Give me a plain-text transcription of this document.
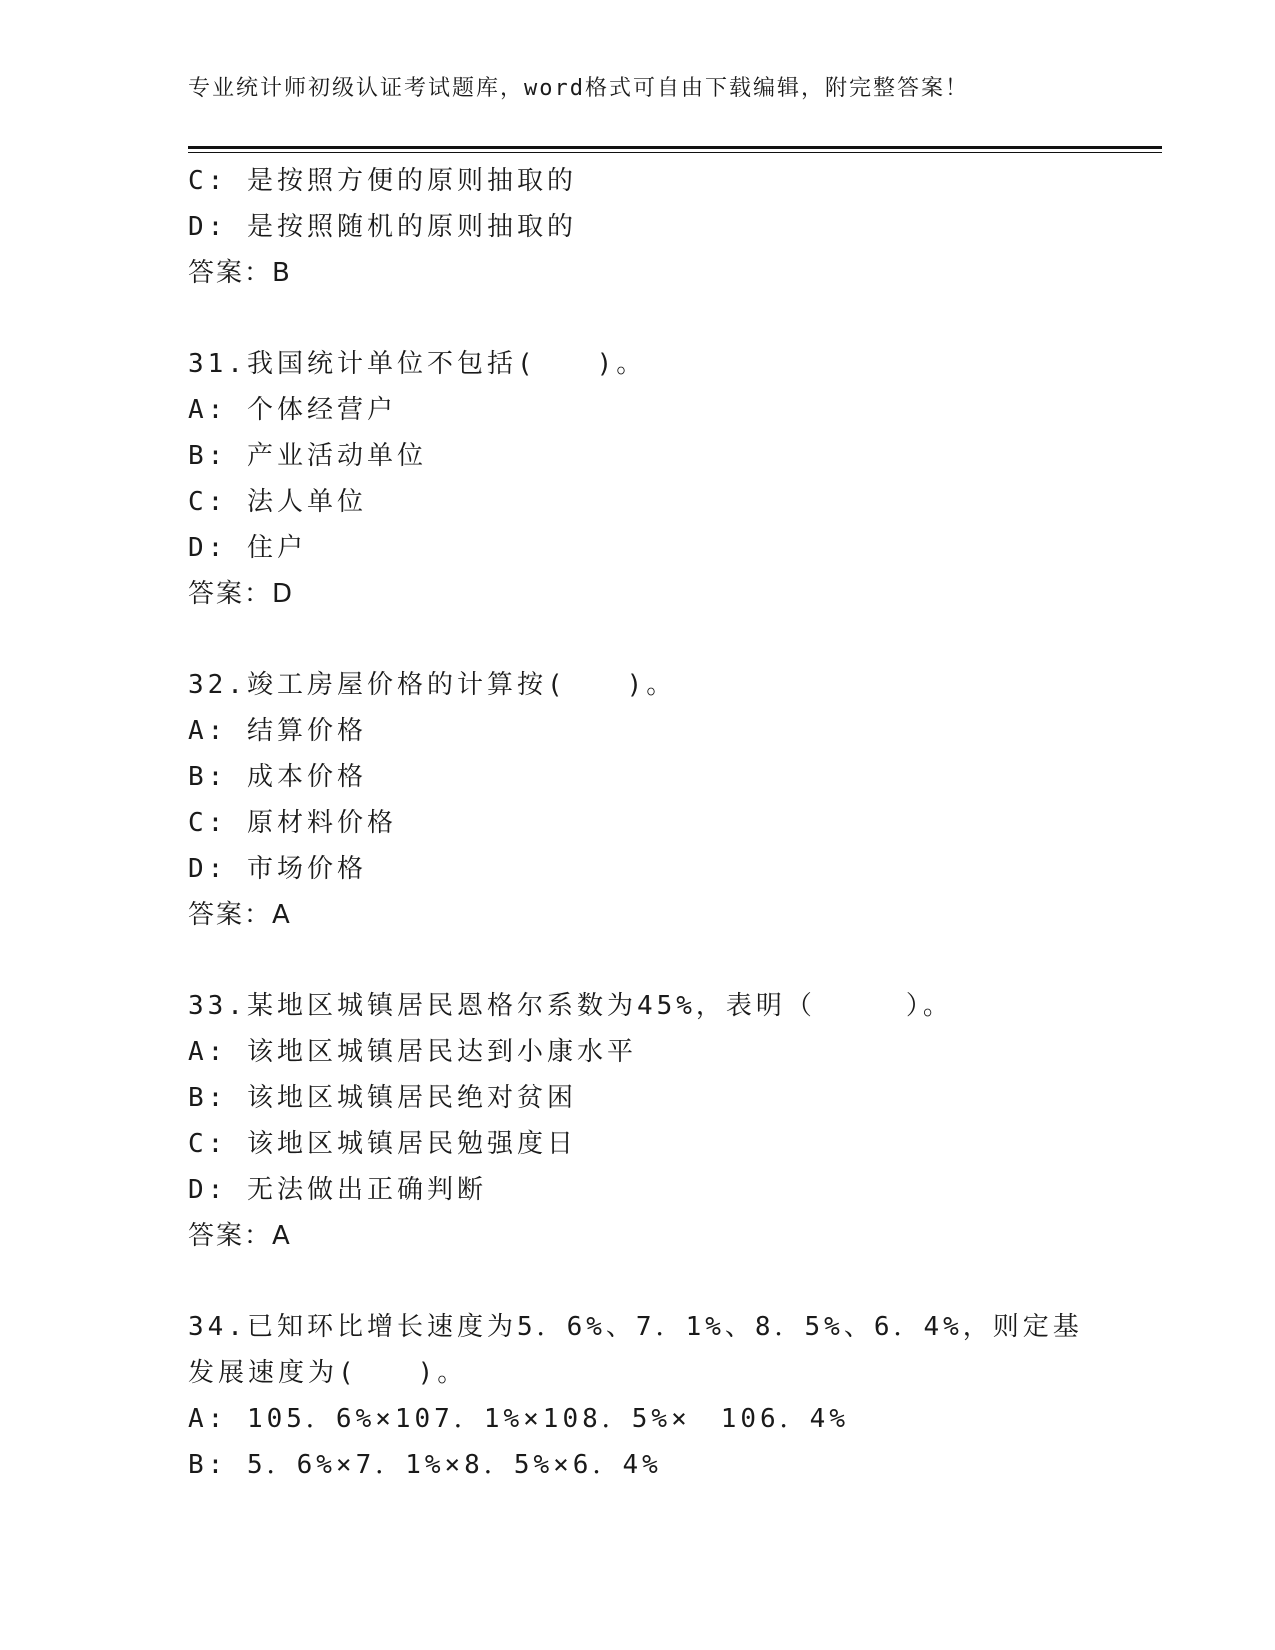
专业统计师初级认证考试题库，word格式可自由下载编辑，附完整答案！
C: 是按照方便的原则抽取的
D: 是按照随机的原则抽取的
答案：B
31.我国统计单位不包括(　　)。
A: 个体经营户
B: 产业活动单位
C: 法人单位
D: 住户
答案：D
32.竣工房屋价格的计算按(　　)。
A: 结算价格
B: 成本价格
C: 原材料价格
D: 市场价格
答案：A
33.某地区城镇居民恩格尔系数为45%，表明（　　　）。
A: 该地区城镇居民达到小康水平
B: 该地区城镇居民绝对贫困
C: 该地区城镇居民勉强度日
D: 无法做出正确判断
答案：A
34.已知环比增长速度为5．6%、7．1%、8．5%、6．4%，则定基发展速度为(　　)。
A: 105．6%×107．1%×108．5%×　106．4%
B: 5．6%×7．1%×8．5%×6．4%
